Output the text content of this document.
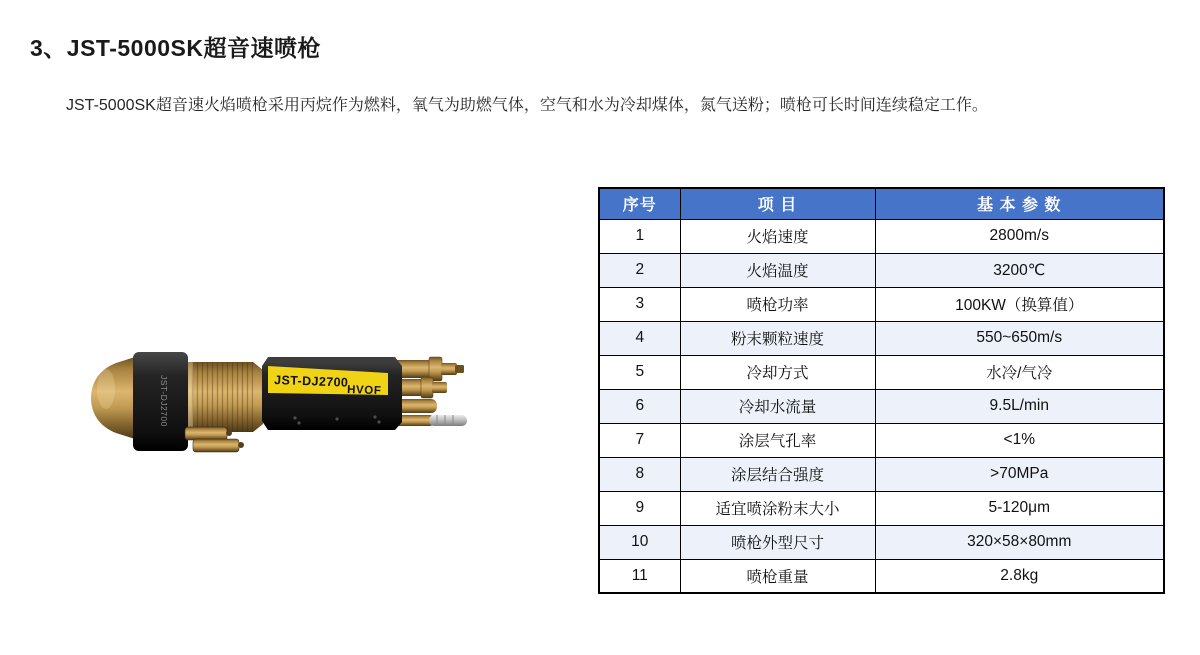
3、JST-5000SK超音速喷枪

JST-5000SK超音速火焰喷枪采用丙烷作为燃料，氧气为助燃气体，空气和水为冷却煤体，氮气送粉；喷枪可长时间连续稳定工作。

JST-DJ2700	JST-DJ2700
HVOF
序号	项 目	基 本 参 数
1	火焰速度	2800m/s
2	火焰温度	3200℃
3	喷枪功率	100KW（换算值）
4	粉末颗粒速度	550~650m/s
5	冷却方式	水冷/气冷
6	冷却水流量	9.5L/min
7	涂层气孔率	<1%
8	涂层结合强度	>70MPa
9	适宜喷涂粉末大小	5-120μm
10	喷枪外型尺寸	320×58×80mm
11	喷枪重量	2.8kg
